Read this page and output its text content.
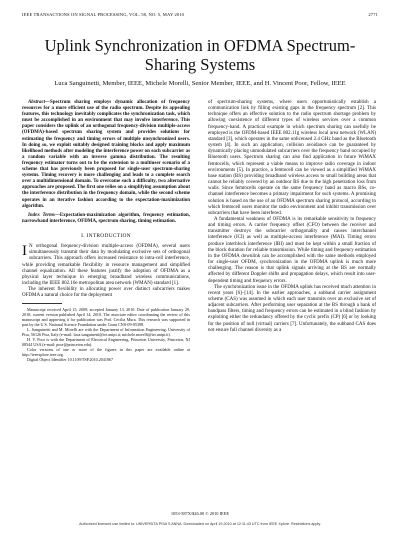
IEEE TRANSACTIONS ON SIGNAL PROCESSING, VOL. 58, NO. 5, MAY 2010	2771
Uplink Synchronization in OFDMA Spectrum-Sharing Systems
Luca Sanguinetti, Member, IEEE, Michele Morelli, Senior Member, IEEE, and H. Vincent Poor, Fellow, IEEE

Abstract—Spectrum sharing employs dynamic allocation of frequency resources for a more efficient use of the radio spectrum. Despite its appealing features, this technology inevitably complicates the synchronization task, which must be accomplished in an environment that may involve interference. This paper considers the uplink of an orthogonal frequency-division multiple-access (OFDMA)-based spectrum sharing system and provides solutions for estimating the frequency and timing errors of multiple unsynchronized users. In doing so, we exploit suitably designed training blocks and apply maximum likelihood methods after modeling the interference power on each subcarrier as a random variable with an inverse gamma distribution. The resulting frequency estimator turns out to be the extension to a multiuser scenario of a scheme that has previously been proposed for single-user spectrum-sharing systems. Timing recovery is more challenging and leads to a complete search over a multidimensional domain. To overcome such a difficulty, two alternative approaches are proposed. The first one relies on a simplifying assumption about the interference distribution in the frequency domain, while the second scheme operates in an iterative fashion according to the expectation-maximization algorithm.

Index Terms—Expectation-maximization algorithm, frequency estimation, narrowband interference, OFDMA, spectrum sharing, timing estimation.

I. INTRODUCTION

I N orthogonal frequency-division multiple-access (OFDMA), several users simultaneously transmit their data by modulating exclusive sets of orthogonal subcarriers. This approach offers increased resistance to intra-cell interference, while providing remarkable flexibility in resource management and simplified channel equalization. All these features justify the adoption of OFDMA as a physical layer technique in emerging broadband wireless communications, including the IEEE 802.16e metropolitan area network (WMAN) standard [1].

The inherent flexibility in allocating power over distinct subcarriers makes OFDMA a natural choice for the deployment

Manuscript received April 15, 2009; accepted January 13, 2010. Date of publication January 29, 2010; current version published April 14, 2010. The associate editor coordinating the review of this manuscript and approving it for publication was Prof. Cecilia Mura. This research was supported in part by the U.S. National Science Foundation under Grant CNS-09-05398.

L. Sanguinetti and M. Morelli are with the Department of Information Engineering, University of Pisa, 56126 Pisa, Italy (e-mail: luca.sanguinetti@iet.unipi.it; michele.morelli@iet.unipi.it).

H. V. Poor is with the Department of Electrical Engineering, Princeton University, Princeton, NJ 08544 USA (e-mail: poor@princeton.edu).

Color versions of one or more of the figures in this paper are available online at http://ieeexplore.ieee.org.

Digital Object Identifier 10.1109/TSP.2010.2041867

of spectrum-sharing systems, where users opportunistically establish a communication link by filling existing gaps in the frequency spectrum [2]. This technique offers an effective solution to the radio spectrum shortage problem by allowing coexistence of different types of wireless services over a common frequency-band. A practical example in which spectrum sharing can usefully be employed is the OFDM-based IEEE 802.11g wireless local area network (WLAN) standard [3], which operates in the same unlicensed 2.4 GHz band as the Bluetooth system [4]. In such an application, collision avoidance can be guaranteed by dynamically placing unmodulated subcarriers over the frequency band occupied by Bluetooth users. Spectrum sharing can also find application in future WiMAX femtocells, which represent a viable means to improve radio coverage in indoor environments [5]. In practice, a femtocell can be viewed as a simplified WiMAX base station (BS) providing broadband wireless access to small building areas that cannot be reliably covered by an outdoor BS due to the high penetration loss from walls. Since femtocells operate on the same frequency band as macro BSs, co-channel interference becomes a primary impairment for such systems. A promising solution is based on the use of an OFDMA spectrum sharing protocol, according to which femtocell users monitor the radio environment and inhibit transmission over subcarriers that have been interfered.

A fundamental weakness of OFDMA is its remarkable sensitivity to frequency and timing errors. A carrier frequency offset (CFO) between the receiver and transmitter destroys the subcarrier orthogonality and causes interchannel interference (ICI) as well as multiple-access interference (MAI). Timing errors produce interblock interference (IBI) and must be kept within a small fraction of the block duration for reliable transmission. While timing and frequency estimation in the OFDMA downlink can be accomplished with the same methods employed for single-user OFDM, synchronization in the OFDMA uplink is much more challenging. The reason is that uplink signals arriving at the BS are normally affected by different Doppler shifts and propagation delays, which result into user-dependent timing and frequency errors.

The synchronization issue in the OFDMA uplink has received much attention in recent years [6]–[14]. In the earlier approaches, a subband carrier assignment scheme (CAS) was assumed in which each user transmits over an exclusive set of adjacent subcarriers. After performing user separation at the BS through a bank of bandpass filters, timing and frequency errors can be estimated in a blind fashion by exploiting either the redundancy offered by the cyclic prefix (CP) [6] or by looking for the position of null (virtual) carriers [7]. Unfortunately, the subband CAS does not ensure full channel diversity as a

1053-587X/$26.00 © 2010 IEEE
Authorized licensed use limited to: UNIVERSITA PISA S ANNA. Downloaded on April 19,2010 at 12:11:43 UTC from IEEE Xplore. Restrictions apply.
